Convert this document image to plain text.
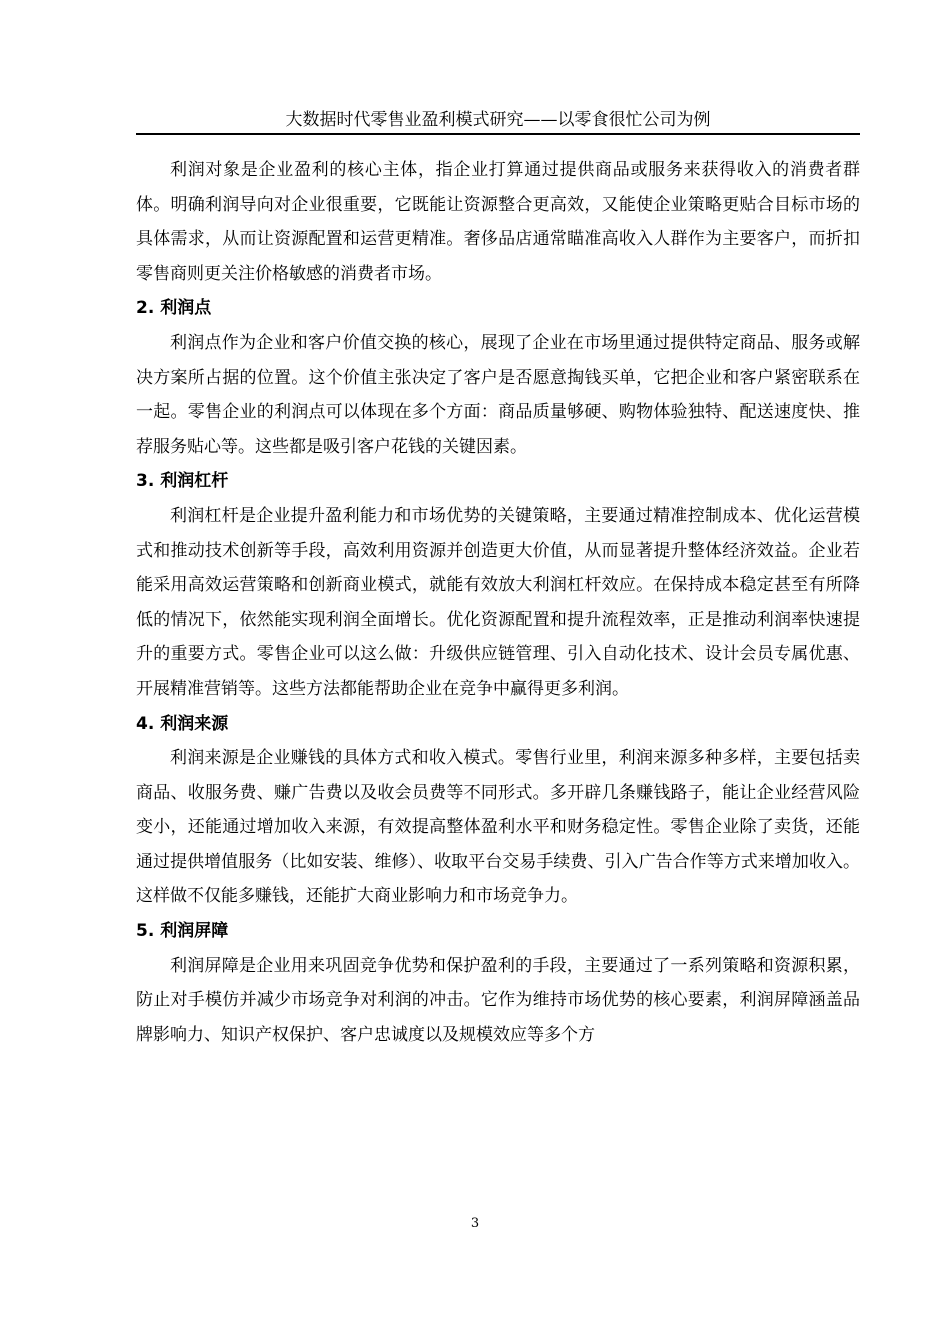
大数据时代零售业盈利模式研究——以零食很忙公司为例

利润对象是企业盈利的核心主体，指企业打算通过提供商品或服务来获得收入的消费者群体。明确利润导向对企业很重要，它既能让资源整合更高效，又能使企业策略更贴合目标市场的具体需求，从而让资源配置和运营更精准。奢侈品店通常瞄准高收入人群作为主要客户，而折扣零售商则更关注价格敏感的消费者市场。

2. 利润点

利润点作为企业和客户价值交换的核心，展现了企业在市场里通过提供特定商品、服务或解决方案所占据的位置。这个价值主张决定了客户是否愿意掏钱买单，它把企业和客户紧密联系在一起。零售企业的利润点可以体现在多个方面：商品质量够硬、购物体验独特、配送速度快、推荐服务贴心等。这些都是吸引客户花钱的关键因素。

3. 利润杠杆

利润杠杆是企业提升盈利能力和市场优势的关键策略，主要通过精准控制成本、优化运营模式和推动技术创新等手段，高效利用资源并创造更大价值，从而显著提升整体经济效益。企业若能采用高效运营策略和创新商业模式，就能有效放大利润杠杆效应。在保持成本稳定甚至有所降低的情况下，依然能实现利润全面增长。优化资源配置和提升流程效率，正是推动利润率快速提升的重要方式。零售企业可以这么做：升级供应链管理、引入自动化技术、设计会员专属优惠、开展精准营销等。这些方法都能帮助企业在竞争中赢得更多利润。

4. 利润来源

利润来源是企业赚钱的具体方式和收入模式。零售行业里，利润来源多种多样，主要包括卖商品、收服务费、赚广告费以及收会员费等不同形式。多开辟几条赚钱路子，能让企业经营风险变小，还能通过增加收入来源，有效提高整体盈利水平和财务稳定性。零售企业除了卖货，还能通过提供增值服务（比如安装、维修）、收取平台交易手续费、引入广告合作等方式来增加收入。这样做不仅能多赚钱，还能扩大商业影响力和市场竞争力。

5. 利润屏障

利润屏障是企业用来巩固竞争优势和保护盈利的手段，主要通过了一系列策略和资源积累，防止对手模仿并减少市场竞争对利润的冲击。它作为维持市场优势的核心要素，利润屏障涵盖品牌影响力、知识产权保护、客户忠诚度以及规模效应等多个方

3
